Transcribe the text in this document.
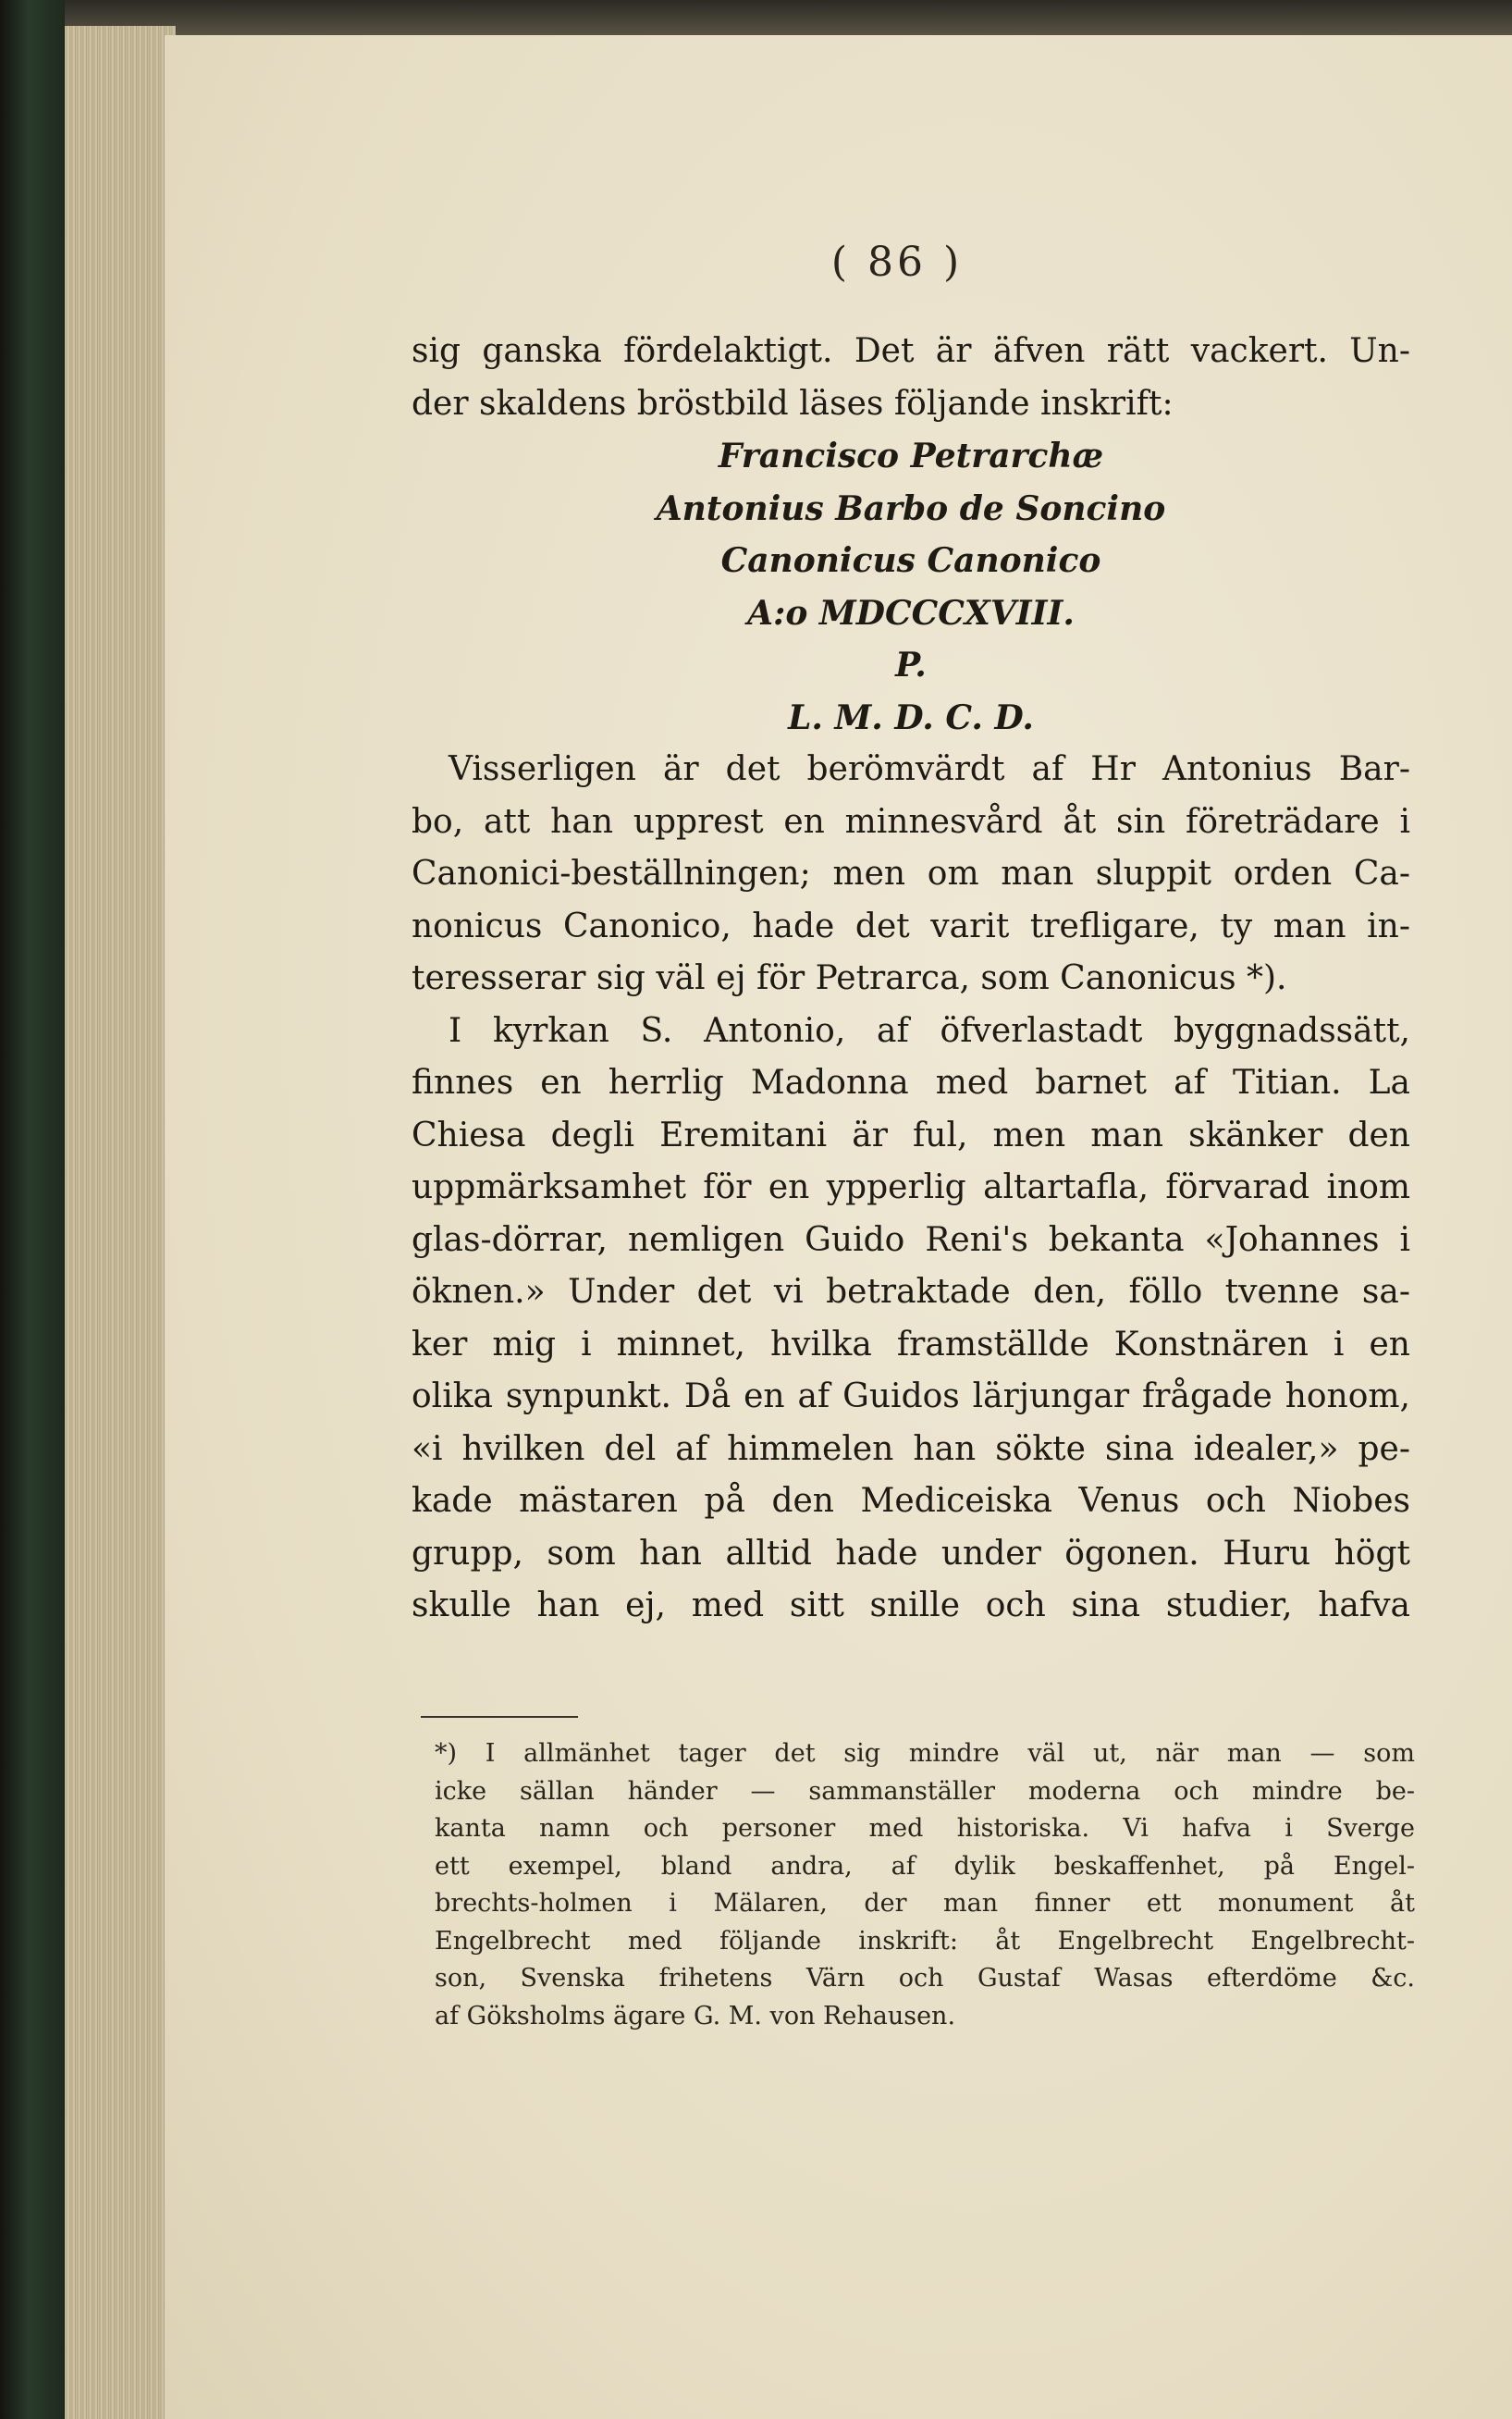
( 86 )
sig ganska fördelaktigt. Det är äfven rätt vackert. Un-
der skaldens bröstbild läses följande inskrift:
Francisco Petrarchæ
Antonius Barbo de Soncino
Canonicus Canonico
A:o MDCCCXVIII.
P.
L. M. D. C. D.
Visserligen är det berömvärdt af Hr Antonius Bar-
bo, att han upprest en minnesvård åt sin företrädare i
Canonici-beställningen; men om man sluppit orden Ca-
nonicus Canonico, hade det varit trefligare, ty man in-
teresserar sig väl ej för Petrarca, som Canonicus *).
I kyrkan S. Antonio, af öfverlastadt byggnadssätt,
finnes en herrlig Madonna med barnet af Titian. La
Chiesa degli Eremitani är ful, men man skänker den
uppmärksamhet för en ypperlig altartafla, förvarad inom
glas-dörrar, nemligen Guido Reni's bekanta «Johannes i
öknen.» Under det vi betraktade den, föllo tvenne sa-
ker mig i minnet, hvilka framställde Konstnären i en
olika synpunkt. Då en af Guidos lärjungar frågade honom,
«i hvilken del af himmelen han sökte sina idealer,» pe-
kade mästaren på den Mediceiska Venus och Niobes
grupp, som han alltid hade under ögonen. Huru högt
skulle han ej, med sitt snille och sina studier, hafva
*) I allmänhet tager det sig mindre väl ut, när man — som
icke sällan händer — sammanställer moderna och mindre be-
kanta namn och personer med historiska. Vi hafva i Sverge
ett exempel, bland andra, af dylik beskaffenhet, på Engel-
brechts-holmen i Mälaren, der man finner ett monument åt
Engelbrecht med följande inskrift: åt Engelbrecht Engelbrecht-
son, Svenska frihetens Värn och Gustaf Wasas efterdöme &c.
af Göksholms ägare G. M. von Rehausen.
